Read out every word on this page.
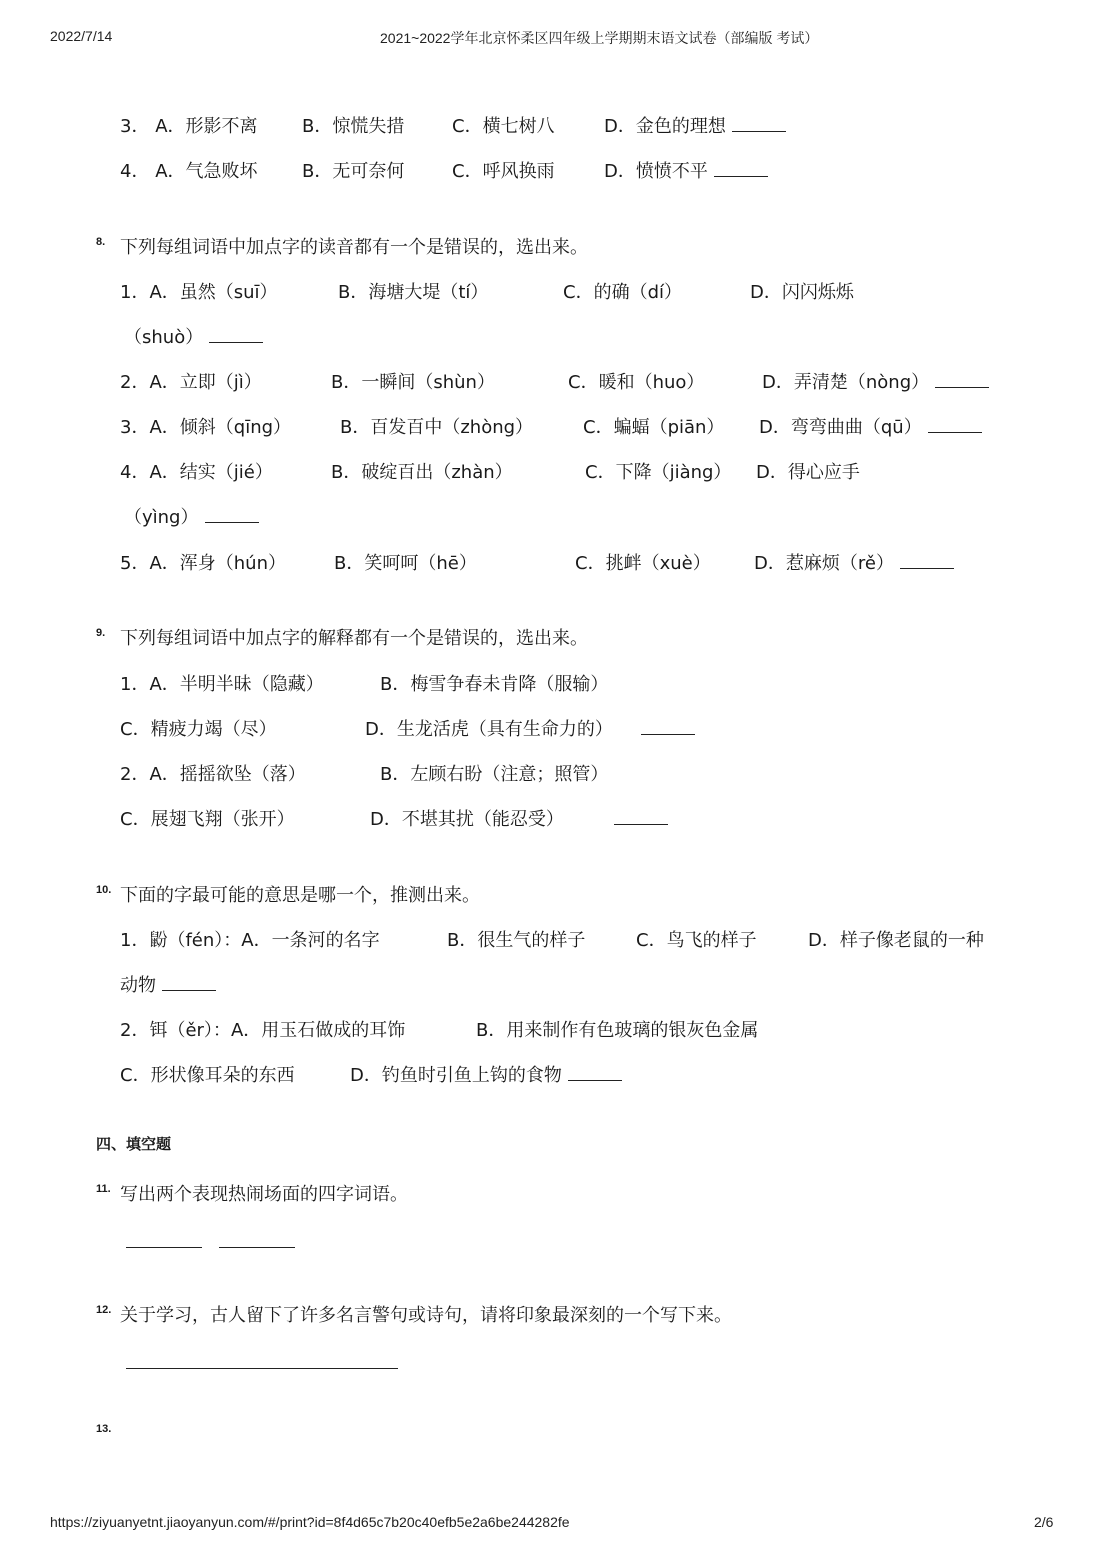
2022/7/14	2021~2022学年北京怀柔区四年级上学期期末语文试卷（部编版 考试）
3． A．形影不离 B．惊慌失措	C．横七树八	D．金色的理想
4． A．气急败坏 B．无可奈何	C．呼风换雨	D．愤愤不平
8. 下列每组词语中加点字的读音都有一个是错误的，选出来。
1．A．虽然（suī）	B．海塘大堤（tí）	C．的确（dí）	D．闪闪烁烁
（shuò）
2．A．立即（jì）	B．一瞬间（shùn）	C．暖和（huo）	D．弄清楚（nòng）
3．A．倾斜（qīng）	B．百发百中（zhòng）	C．蝙蝠（piān） D．弯弯曲曲（qū）
4．A．结实（jié）	B．破绽百出（zhàn）	C．下降（jiàng） D．得心应手
（yìng）
5．A．浑身（hún）	B．笑呵呵（hē）	C．挑衅（xuè） D．惹麻烦（rě）
9. 下列每组词语中加点字的解释都有一个是错误的，选出来。
1．A．半明半昧（隐藏）	B．梅雪争春未肯降（服输）
C．精疲力竭（尽）	D．生龙活虎（具有生命力的）
2．A．摇摇欲坠（落）	B．左顾右盼（注意；照管）
C．展翅飞翔（张开）	D．不堪其扰（能忍受）
10. 下面的字最可能的意思是哪一个，推测出来。
1．鼢（fén）：A．一条河的名字	B．很生气的样子	C．鸟飞的样子	D．样子像老鼠的一种
动物
2．铒（ěr）：A．用玉石做成的耳饰	B．用来制作有色玻璃的银灰色金属
C．形状像耳朵的东西	D．钓鱼时引鱼上钩的食物
四、填空题
11. 写出两个表现热闹场面的四字词语。
12. 关于学习，古人留下了许多名言警句或诗句，请将印象最深刻的一个写下来。
13.
https://ziyuanyetnt.jiaoyanyun.com/#/print?id=8f4d65c7b20c40efb5e2a6be244282fe	2/6
